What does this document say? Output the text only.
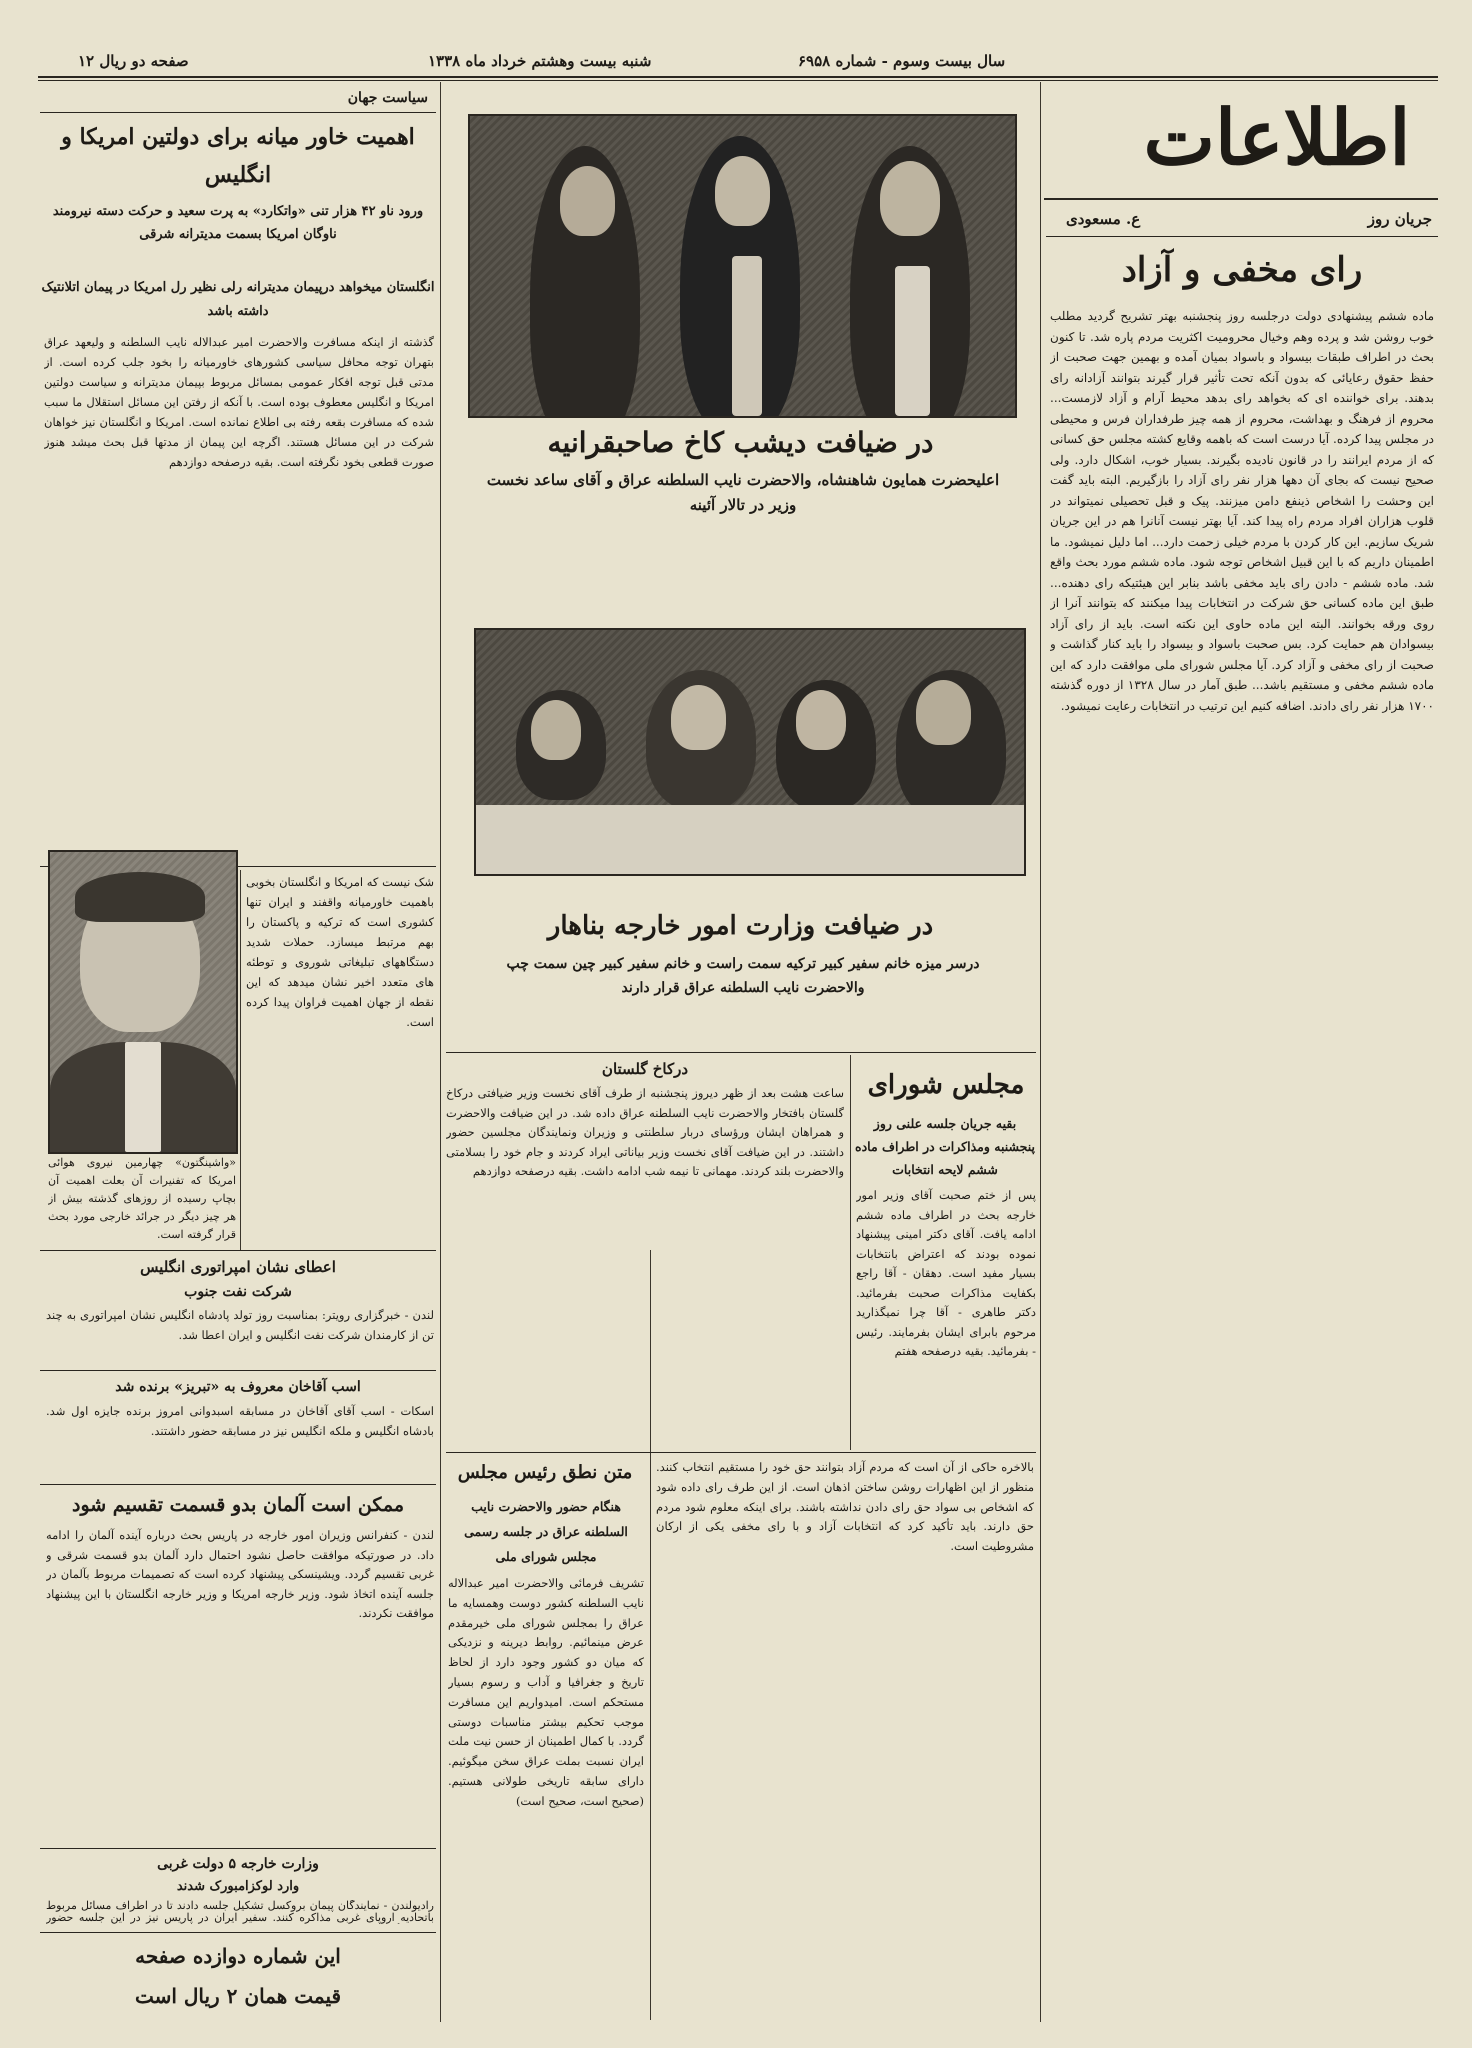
۱۲ صفحه دو ریال	شنبه بیست وهشتم خرداد ماه ۱۳۳۸	سال بیست وسوم - شماره ۶۹۵۸
اطلاعات
جریان روز
ع. مسعودی
رای مخفی و آزاد
ماده ششم پیشنهادی دولت درجلسه روز پنجشنبه بهتر تشریح گردید مطلب خوب روشن شد و پرده وهم وخیال محرومیت اکثریت مردم پاره شد. تا کنون بحث در اطراف طبقات بیسواد و باسواد بمیان آمده و بهمین جهت صحبت از حفظ حقوق رعایائی که بدون آنکه تحت تأثیر قرار گیرند بتوانند آزادانه رای بدهند. برای خواننده ای که بخواهد رای بدهد محیط آرام و آزاد لازمست... محروم از فرهنگ و بهداشت، محروم از همه چیز طرفداران فرس و محیطی در مجلس پیدا کرده. آیا درست است که باهمه وقایع کشته مجلس حق کسانی که از مردم ایرانند را در قانون نادیده بگیرند. بسیار خوب، اشکال دارد. ولی صحیح نیست که بجای آن دهها هزار نفر رای آزاد را بازگیریم. البته باید گفت این وحشت را اشخاص ذینفع دامن میزنند. پیک و قبل تحصیلی نمیتواند در قلوب هزاران افراد مردم راه پیدا کند. آیا بهتر نیست آنانرا هم در این جریان شریک سازیم. این کار کردن با مردم خیلی زحمت دارد... اما دلیل نمیشود. ما اطمینان داریم که با این قبیل اشخاص توجه شود. ماده ششم مورد بحث واقع شد. ماده ششم - دادن رای باید مخفی باشد بنابر این هیئتیکه رای دهنده... طبق این ماده کسانی حق شرکت در انتخابات پیدا میکنند که بتوانند آنرا از روی ورقه بخوانند. البته این ماده حاوی این نکته است. باید از رای آزاد بیسوادان هم حمایت کرد. بس صحبت باسواد و بیسواد را باید کنار گذاشت و صحبت از رای مخفی و آزاد کرد. آیا مجلس شورای ملی موافقت دارد که این ماده ششم مخفی و مستقیم باشد... طبق آمار در سال ۱۳۲۸ از دوره گذشته ۱۷۰۰ هزار نفر رای دادند. اضافه کنیم این ترتیب در انتخابات رعایت نمیشود.
در ضیافت دیشب کاخ صاحبقرانیه
اعلیحضرت همایون شاهنشاه، والاحضرت نایب السلطنه عراق و آقای ساعد نخست وزیر در تالار آئینه
در ضیافت وزارت امور خارجه بناهار
درسر میزه خانم سفیر کبیر ترکیه سمت راست و خانم سفیر کبیر چین سمت چپ والاحضرت نایب السلطنه عراق قرار دارند
درکاخ گلستان
ساعت هشت بعد از ظهر دیروز پنجشنبه از طرف آقای نخست وزیر ضیافتی درکاخ گلستان بافتخار والاحضرت نایب السلطنه عراق داده شد. در این ضیافت والاحضرت و همراهان ایشان ورؤسای دربار سلطنتی و وزیران ونمایندگان مجلسین حضور داشتند. در این ضیافت آقای نخست وزیر بیاناتی ایراد کردند و جام خود را بسلامتی والاحضرت بلند کردند. مهمانی تا نیمه شب ادامه داشت. بقیه درصفحه دوازدهم
مجلس شورای
بقیه جریان جلسه علنی روز پنجشنبه ومذاکرات در اطراف ماده ششم لایحه انتخابات
پس از ختم صحبت آقای وزیر امور خارجه بحث در اطراف ماده ششم ادامه یافت. آقای دکتر امینی پیشنهاد نموده بودند که اعتراض بانتخابات بسیار مفید است. دهقان - آقا راجع بکفایت مذاکرات صحبت بفرمائید. دکتر طاهری - آقا چرا نمیگذارید مرحوم بابرای ایشان بفرمایند. رئیس - بفرمائید. بقیه درصفحه هفتم
متن نطق رئیس مجلس
هنگام حضور والاحضرت نایب السلطنه عراق در جلسه رسمی مجلس شورای ملی
تشریف فرمائی والاحضرت امیر عبدالاله نایب السلطنه کشور دوست وهمسایه ما عراق را بمجلس شورای ملی خیرمقدم عرض مینمائیم. روابط دیرینه و نزدیکی که میان دو کشور وجود دارد از لحاظ تاریخ و جغرافیا و آداب و رسوم بسیار مستحکم است. امیدواریم این مسافرت موجب تحکیم بیشتر مناسبات دوستی گردد. با کمال اطمینان از حسن نیت ملت ایران نسبت بملت عراق سخن میگوئیم. دارای سابقه تاریخی طولانی هستیم. (صحیح است، صحیح است)
بالاخره حاکی از آن است که مردم آزاد بتوانند حق خود را مستقیم انتخاب کنند. منظور از این اظهارات روشن ساختن اذهان است. از این طرف رای داده شود که اشخاص بی سواد حق رای دادن نداشته باشند. برای اینکه معلوم شود مردم حق دارند. باید تأکید کرد که انتخابات آزاد و با رای مخفی یکی از ارکان مشروطیت است.
سیاست جهان
اهمیت خاور میانه برای دولتین امریکا و انگلیس
ورود ناو ۴۲ هزار تنی «واتکارد» به پرت سعید و حرکت دسته نیرومند ناوگان امریکا بسمت مدیترانه شرقی
انگلستان میخواهد درپیمان مدیترانه رلی نظیر رل امریکا در پیمان اتلانتیک داشته باشد
گذشته از اینکه مسافرت والاحضرت امیر عبدالاله نایب السلطنه و ولیعهد عراق بتهران توجه محافل سیاسی کشورهای خاورمیانه را بخود جلب کرده است. از مدتی قبل توجه افکار عمومی بمسائل مربوط بپیمان مدیترانه و سیاست دولتین امریکا و انگلیس معطوف بوده است. با آنکه از رفتن این مسائل استقلال ما سبب شده که مسافرت بقعه رفته بی اطلاع نمانده است. امریکا و انگلستان نیز خواهان شرکت در این مسائل هستند. اگرچه این پیمان از مدتها قبل بحث میشد هنوز صورت قطعی بخود نگرفته است. بقیه درصفحه دوازدهم
«واشینگتون» چهارمین نیروی هوائی امریکا که تفنیرات آن بعلت اهمیت آن بچاپ رسیده از روزهای گذشته بیش از هر چیز دیگر در جرائد خارجی مورد بحث قرار گرفته است.
شک نیست که امریکا و انگلستان بخوبی باهمیت خاورمیانه واقفند و ایران تنها کشوری است که ترکیه و پاکستان را بهم مرتبط میسازد. حملات شدید دستگاههای تبلیغاتی شوروی و توطئه های متعدد اخیر نشان میدهد که این نقطه از جهان اهمیت فراوان پیدا کرده است.
اعطای نشان امپراتوری انگلیس
شرکت نفت جنوب
لندن - خبرگزاری رویتر: بمناسبت روز تولد پادشاه انگلیس نشان امپراتوری به چند تن از کارمندان شرکت نفت انگلیس و ایران اعطا شد.
اسب آقاخان معروف به «تبریز» برنده شد
اسکات - اسب آقای آقاخان در مسابقه اسبدوانی امروز برنده جایزه اول شد. بادشاه انگلیس و ملکه انگلیس نیز در مسابقه حضور داشتند.
ممکن است آلمان بدو قسمت تقسیم شود
لندن - کنفرانس وزیران امور خارجه در پاریس بحث درباره آینده آلمان را ادامه داد. در صورتیکه موافقت حاصل نشود احتمال دارد آلمان بدو قسمت شرقی و غربی تقسیم گردد. ویشینسکی پیشنهاد کرده است که تصمیمات مربوط بآلمان در جلسه آینده اتخاذ شود. وزیر خارجه امریکا و وزیر خارجه انگلستان با این پیشنهاد موافقت نکردند.
وزارت خارجه ۵ دولت غربی
وارد لوکزامبورک شدند
رادیولندن - نمایندگان پیمان بروکسل تشکیل جلسه دادند تا در اطراف مسائل مربوط باتحادیه اروپای غربی مذاکره کنند. سفیر ایران در پاریس نیز در این جلسه حضور
این شماره دوازده صفحه
قیمت همان ۲ ریال است
